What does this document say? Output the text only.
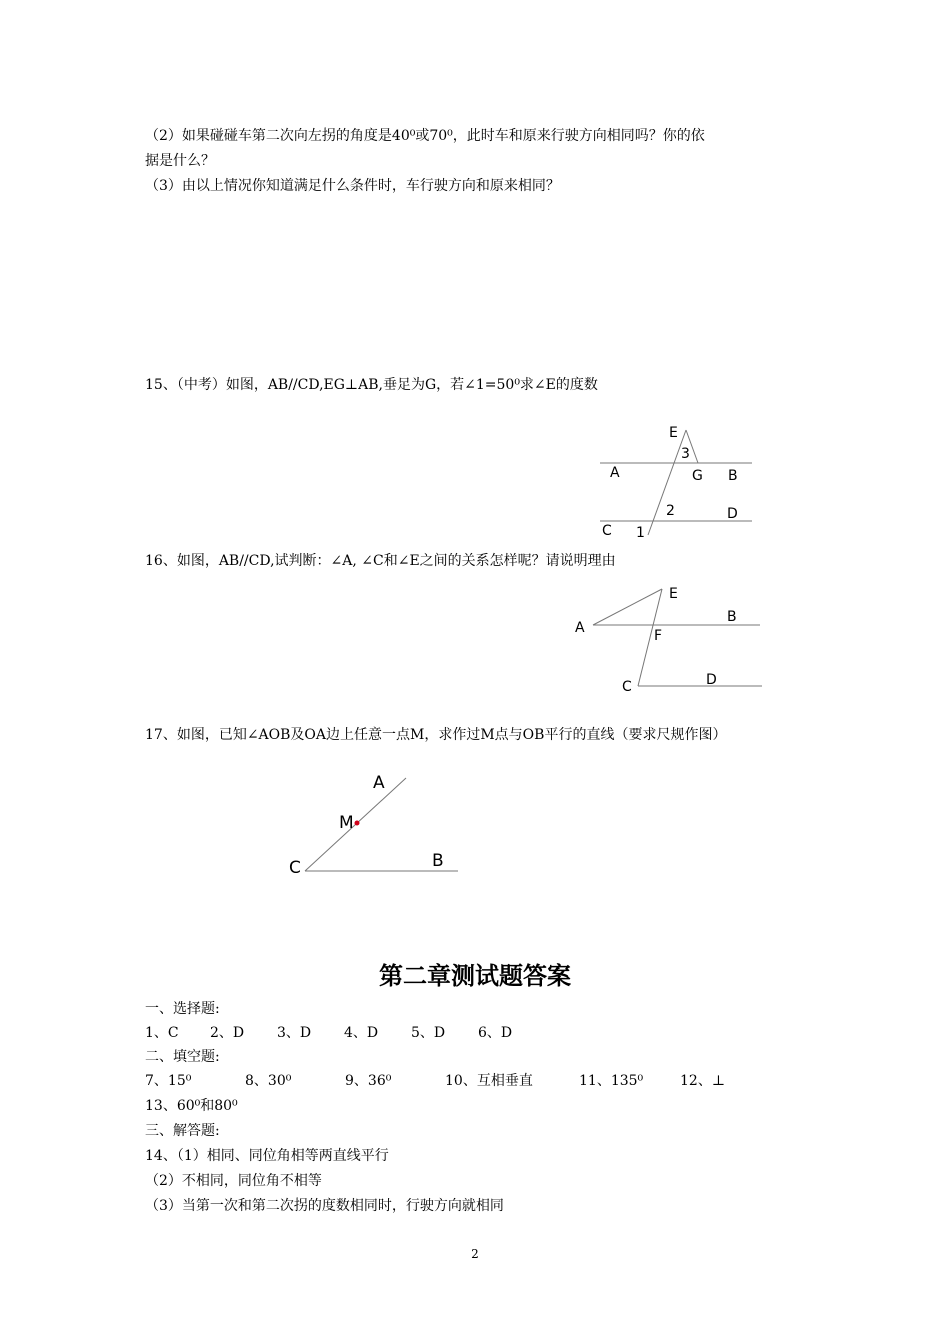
（2）如果碰碰车第二次向左拐的角度是40⁰或70⁰，此时车和原来行驶方向相同吗？你的依
据是什么？
（3）由以上情况你知道满足什么条件时，车行驶方向和原来相同？
15、（中考）如图，AB//CD,EG⊥AB,垂足为G，若∠1=50⁰求∠E的度数
E
3
A	G B
2	D
C 1
16、如图，AB//CD,试判断：∠A, ∠C和∠E之间的关系怎样呢？请说明理由
E
B
A	F
D
C
17、如图，已知∠AOB及OA边上任意一点M，求作过M点与OB平行的直线（要求尺规作图）
A
M
C	B
第二章测试题答案
一、选择题:
1、C 2、D 3、D 4、D 5、D 6、D
二、填空题:
7、15⁰	8、30⁰	9、36⁰	10、互相垂直	11、135⁰	12、⊥
13、60⁰和80⁰
三、解答题:
14、（1）相同、同位角相等两直线平行
（2）不相同，同位角不相等
（3）当第一次和第二次拐的度数相同时，行驶方向就相同
2
